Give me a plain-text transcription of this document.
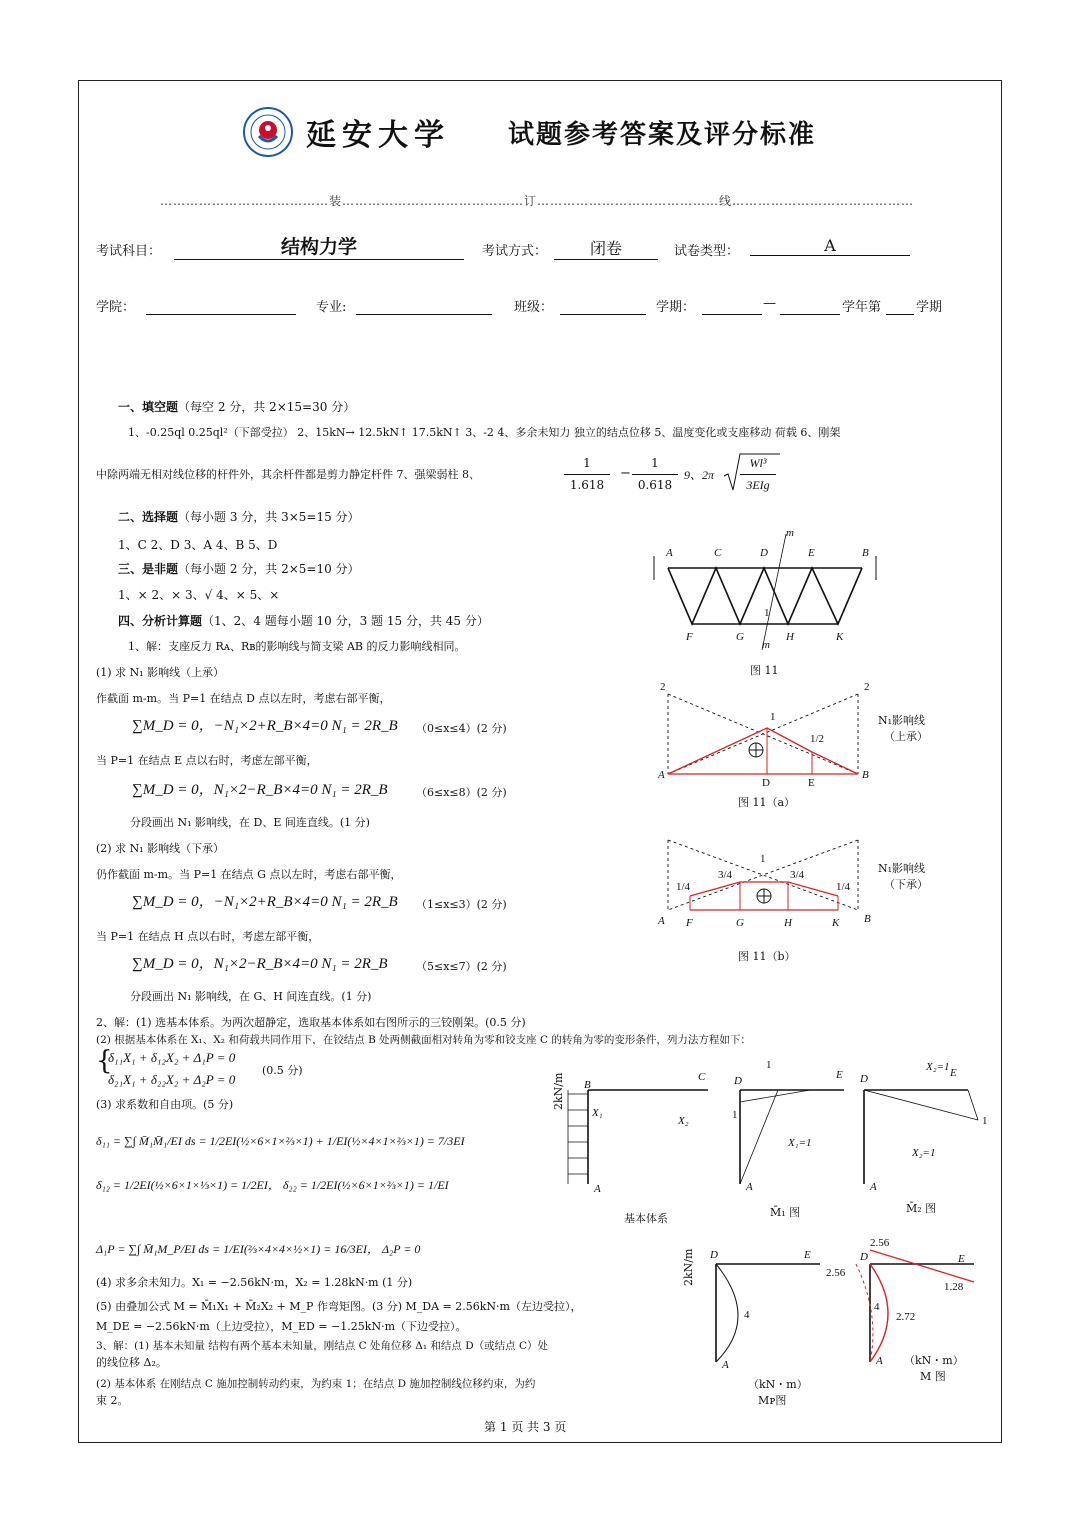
延安大学 试题参考答案及评分标准
…………………………………装……………………………………订……………………………………线……………………………………
考试科目：	结构力学	考试方式：	闭卷	试卷类型：	A
学院：	专业:	班级：	学期：	—	学年第	学期
一、填空题（每空 2 分，共 2×15=30 分）
1、-0.25ql 0.25ql²（下部受拉） 2、15kN→ 12.5kN↑ 17.5kN↑ 3、-2 4、多余未知力 独立的结点位移 5、温度变化或支座移动 荷载 6、刚架
中除两端无相对线位移的杆件外，其余杆件都是剪力静定杆件 7、强梁弱柱 8、
1
1.618
−
1
0.618
9、2π
Wl³
3EIg
二、选择题（每小题 3 分，共 3×5=15 分）
1、C 2、D 3、A 4、B 5、D
三、是非题（每小题 2 分，共 2×5=10 分）
1、× 2、× 3、√ 4、× 5、×
四、分析计算题（1、2、4 题每小题 10 分，3 题 15 分，共 45 分）
1、解：支座反力 Rᴀ、Rʙ的影响线与简支梁 AB 的反力影响线相同。
(1) 求 N₁ 影响线（上承）
作截面 m-m。当 P=1 在结点 D 点以左时，考虑右部平衡，
∑M_D = 0，−N₁×2+R_B×4=0 N₁ = 2R_B （0≤x≤4）(2 分)
当 P=1 在结点 E 点以右时，考虑左部平衡，
∑M_D = 0，N₁×2−R_B×4=0 N₁ = 2R_B	（6≤x≤8）(2 分)
分段画出 N₁ 影响线，在 D、E 间连直线。(1 分)
(2) 求 N₁ 影响线（下承）
仍作截面 m-m。当 P=1 在结点 G 点以左时，考虑右部平衡，
∑M_D = 0，−N₁×2+R_B×4=0 N₁ = 2R_B （1≤x≤3）(2 分)
当 P=1 在结点 H 点以右时，考虑左部平衡，
∑M_D = 0，N₁×2−R_B×4=0 N₁ = 2R_B	（5≤x≤7）(2 分)
分段画出 N₁ 影响线，在 G、H 间连直线。(1 分)
2、解：(1) 选基本体系。为两次超静定，选取基本体系如右图所示的三铰刚架。(0.5 分)
(2) 根据基本体系在 X₁、X₂ 和荷载共同作用下，在铰结点 B 处两侧截面相对转角为零和铰支座 C 的转角为零的变形条件，列力法方程如下：
{
δ₁₁X₁ + δ₁₂X₂ + Δ₁P = 0
δ₂₁X₁ + δ₂₂X₂ + Δ₂P = 0
(0.5 分)
(3) 求系数和自由项。(5 分)
δ₁₁ = ∑∫ M̄₁M̄₁/EI ds = 1/2EI(½×6×1×⅔×1) + 1/EI(½×4×1×⅔×1) = 7/3EI
δ₁₂ = 1/2EI(½×6×1×⅓×1) = 1/2EI， δ₂₂ = 1/2EI(½×6×1×⅔×1) = 1/EI
Δ₁P = ∑∫ M̄₁M_P/EI ds = 1/EI(⅔×4×4×½×1) = 16/3EI， Δ₂P = 0
(4) 求多余未知力。X₁ = −2.56kN·m，X₂ = 1.28kN·m (1 分)
(5) 由叠加公式 M = M̄₁X₁ + M̄₂X₂ + M_P 作弯矩图。(3 分) M_DA = 2.56kN·m（左边受拉），
M_DE = −2.56kN·m（上边受拉），M_ED = −1.25kN·m（下边受拉）。
3、解：(1) 基本未知量 结构有两个基本未知量，刚结点 C 处角位移 Δ₁ 和结点 D（或结点 C）处
的线位移 Δ₂。
(2) 基本体系 在刚结点 C 施加控制转动约束，为约束 1；在结点 D 施加控制线位移约束，为约
束 2。
A	C	D	E	B
F	G	H	K
m
m
1
图 11
2	2
1
1/2
D	E
A	B
N₁影响线
（上承）
图 11（a）
1
3/4	3/4
1/4	1/4
A F	G	H	K B
N₁影响线
（下承）
图 11（b）
B
C
X₁
X₂
A
D	E D
A	A
X₁=1
X₂=1
X₂=1 E
1
1	1
2kN/m
基本体系	M̄₁ 图	M̄₂ 图
D	E
4
A
2.56
2.56
D	E
1.28
4
2.72
A
2kN/m
（kN・m）
Mᴘ图
（kN・m）
M 图
第 1 页 共 3 页
